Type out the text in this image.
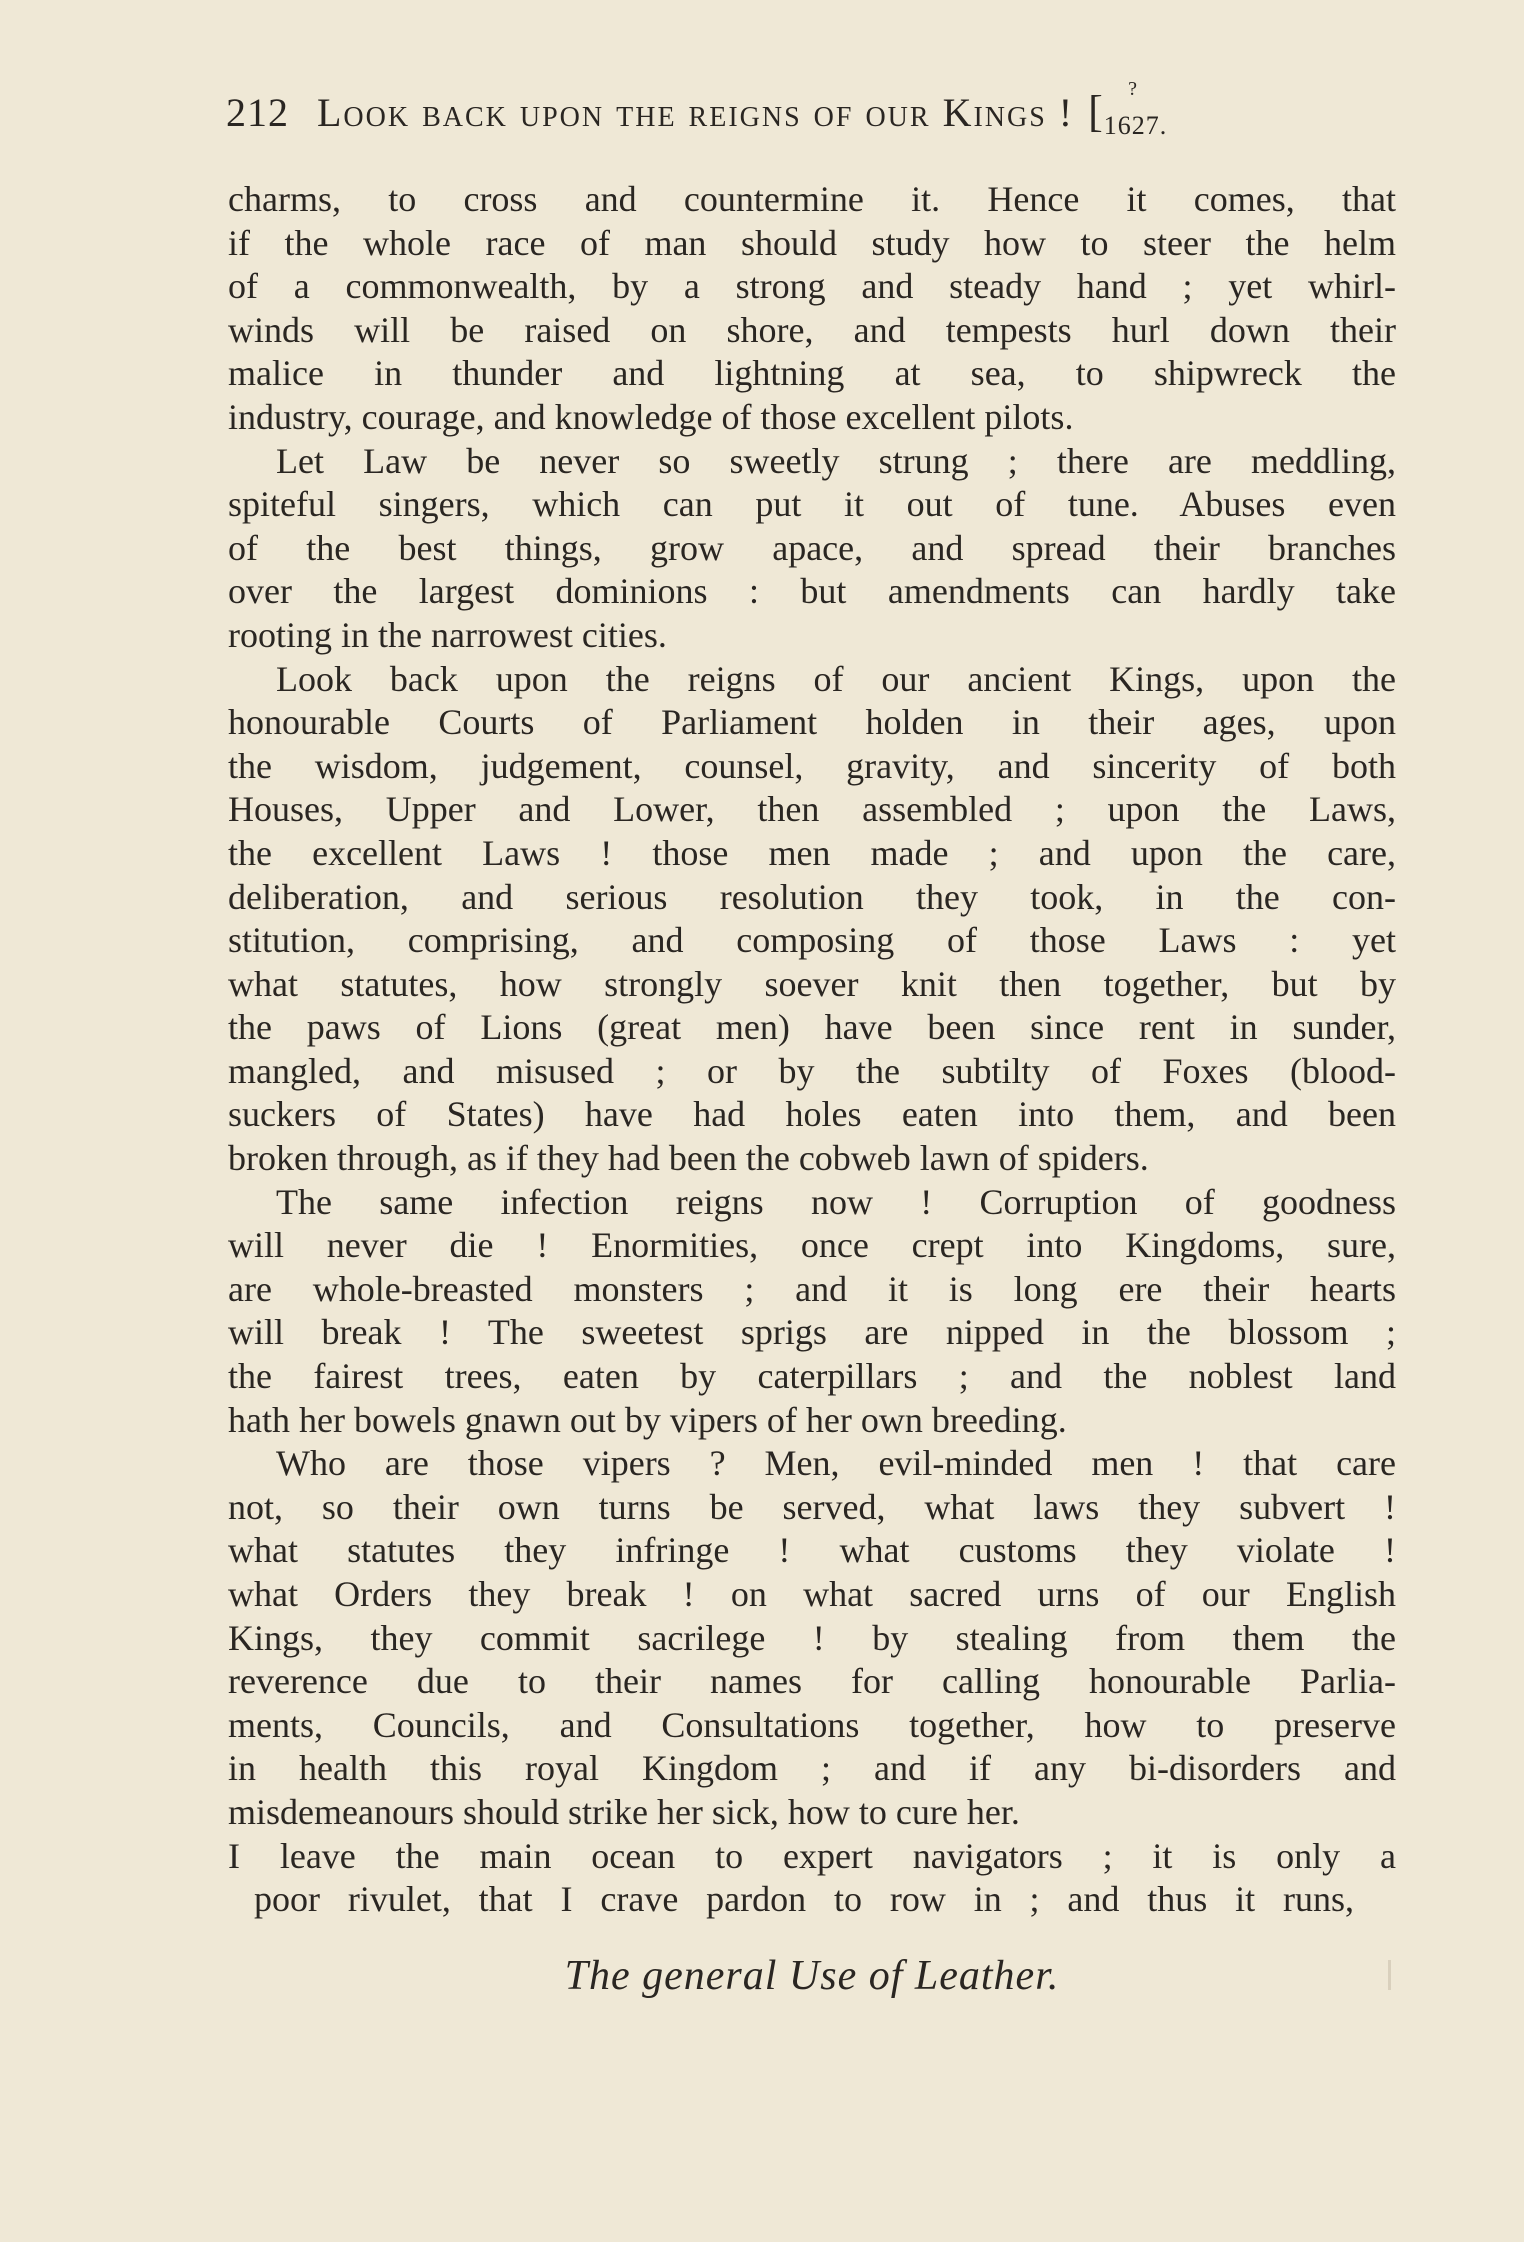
212 Look back upon the reigns of our Kings ! [$_{1627.}$
?
charms, to cross and countermine it. Hence it comes, that
if the whole race of man should study how to steer the helm
of a commonwealth, by a strong and steady hand ; yet whirl-
winds will be raised on shore, and tempests hurl down their
malice in thunder and lightning at sea, to shipwreck the
industry, courage, and knowledge of those excellent pilots.
Let Law be never so sweetly strung ; there are meddling,
spiteful singers, which can put it out of tune. Abuses even
of the best things, grow apace, and spread their branches
over the largest dominions : but amendments can hardly take
rooting in the narrowest cities.
Look back upon the reigns of our ancient Kings, upon the
honourable Courts of Parliament holden in their ages, upon
the wisdom, judgement, counsel, gravity, and sincerity of both
Houses, Upper and Lower, then assembled ; upon the Laws,
the excellent Laws ! those men made ; and upon the care,
deliberation, and serious resolution they took, in the con-
stitution, comprising, and composing of those Laws : yet
what statutes, how strongly soever knit then together, but by
the paws of Lions (great men) have been since rent in sunder,
mangled, and misused ; or by the subtilty of Foxes (blood-
suckers of States) have had holes eaten into them, and been
broken through, as if they had been the cobweb lawn of spiders.
The same infection reigns now ! Corruption of goodness
will never die ! Enormities, once crept into Kingdoms, sure,
are whole-breasted monsters ; and it is long ere their hearts
will break ! The sweetest sprigs are nipped in the blossom ;
the fairest trees, eaten by caterpillars ; and the noblest land
hath her bowels gnawn out by vipers of her own breeding.
Who are those vipers ? Men, evil-minded men ! that care
not, so their own turns be served, what laws they subvert !
what statutes they infringe ! what customs they violate !
what Orders they break ! on what sacred urns of our English
Kings, they commit sacrilege ! by stealing from them the
reverence due to their names for calling honourable Parlia-
ments, Councils, and Consultations together, how to preserve
in health this royal Kingdom ; and if any bi-disorders and
misdemeanours should strike her sick, how to cure her.
I leave the main ocean to expert navigators ; it is only a
poor rivulet, that I crave pardon to row in ; and thus it runs,
The general Use of Leather.
